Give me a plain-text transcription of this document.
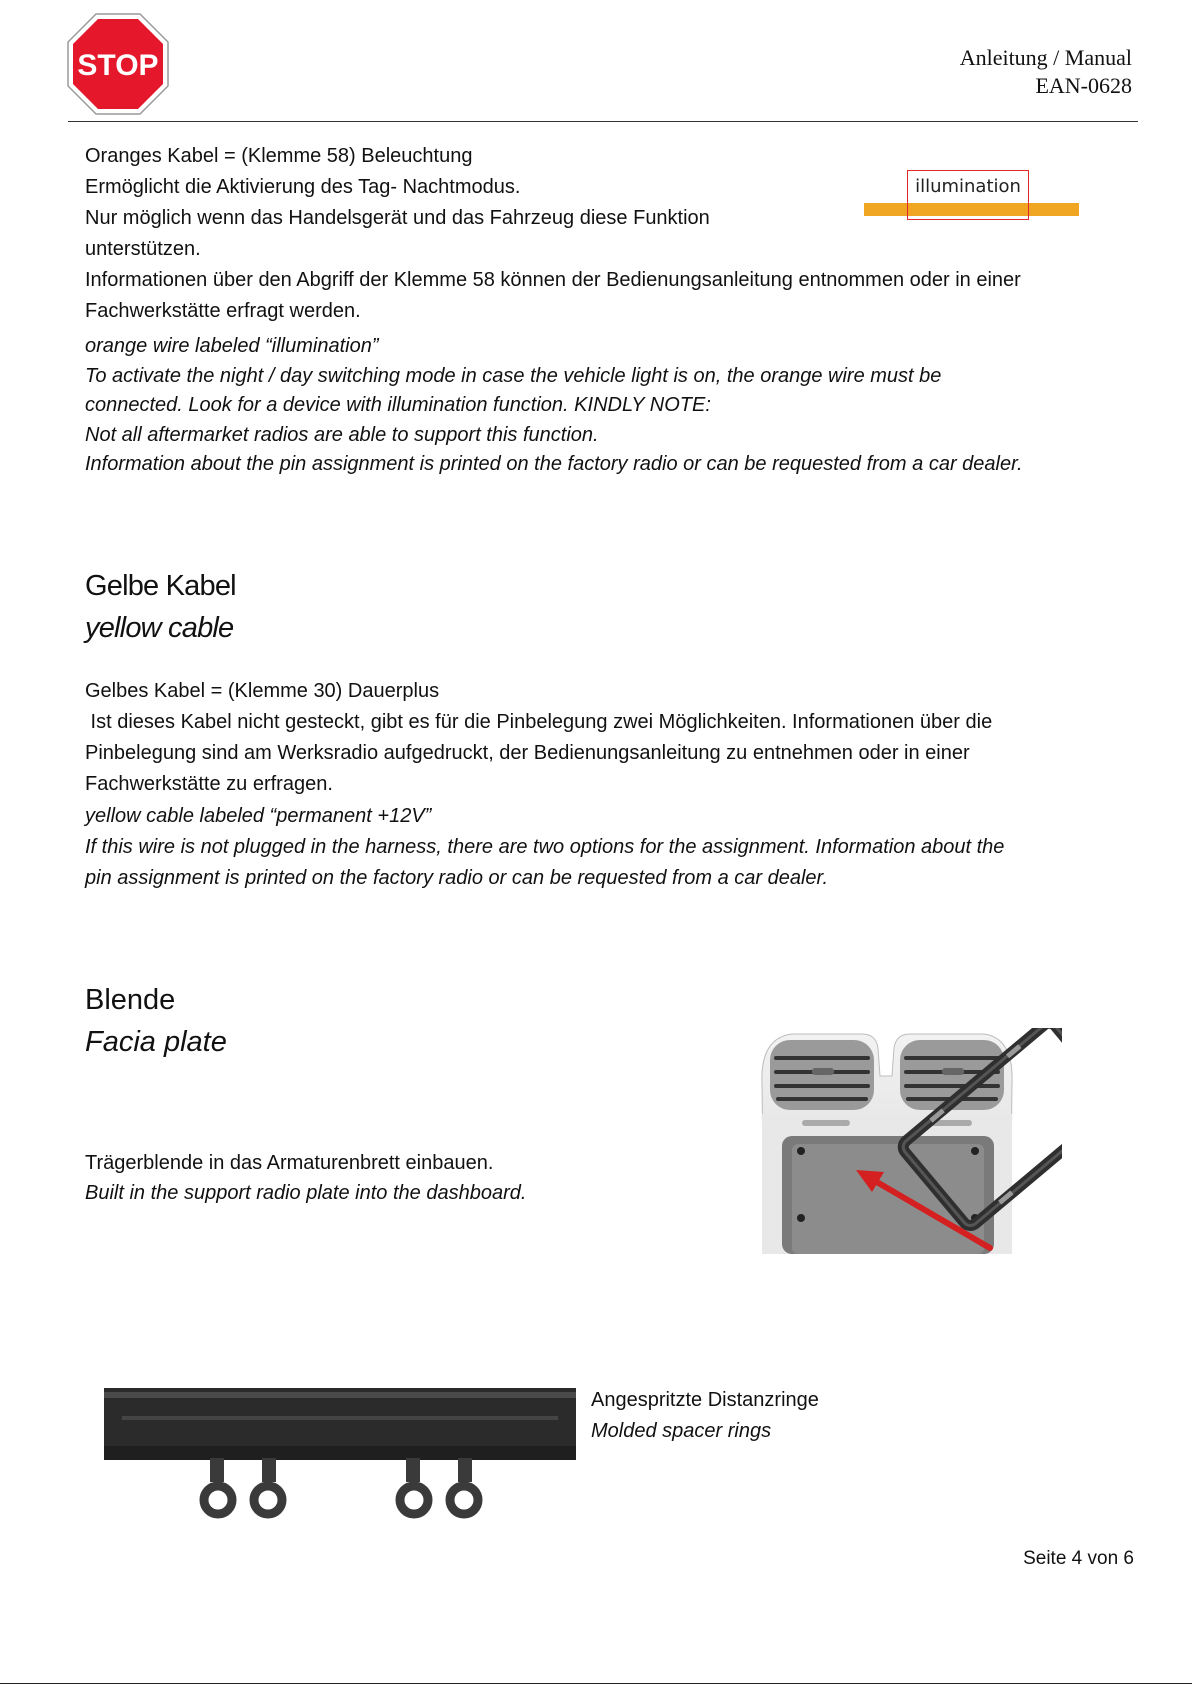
STOP	Anleitung / Manual
EAN-0628
Oranges Kabel = (Klemme 58) Beleuchtung
Ermöglicht die Aktivierung des Tag- Nachtmodus.
Nur möglich wenn das Handelsgerät und das Fahrzeug diese Funktion
unterstützen.
Informationen über den Abgriff der Klemme 58 können der Bedienungsanleitung entnommen oder in einer
Fachwerkstätte erfragt werden.
orange wire labeled “illumination”
To activate the night / day switching mode in case the vehicle light is on, the orange wire must be
connected. Look for a device with illumination function. KINDLY NOTE:
Not all aftermarket radios are able to support this function.
Information about the pin assignment is printed on the factory radio or can be requested from a car dealer.
illumination
Gelbe Kabel
yellow cable
Gelbes Kabel = (Klemme 30) Dauerplus
Ist dieses Kabel nicht gesteckt, gibt es für die Pinbelegung zwei Möglichkeiten. Informationen über die
Pinbelegung sind am Werksradio aufgedruckt, der Bedienungsanleitung zu entnehmen oder in einer
Fachwerkstätte zu erfragen.
yellow cable labeled “permanent +12V”
If this wire is not plugged in the harness, there are two options for the assignment. Information about the
pin assignment is printed on the factory radio or can be requested from a car dealer.
Blende
Facia plate
Trägerblende in das Armaturenbrett einbauen.
Built in the support radio plate into the dashboard.
Angespritzte Distanzringe
Molded spacer rings
Seite 4 von 6
